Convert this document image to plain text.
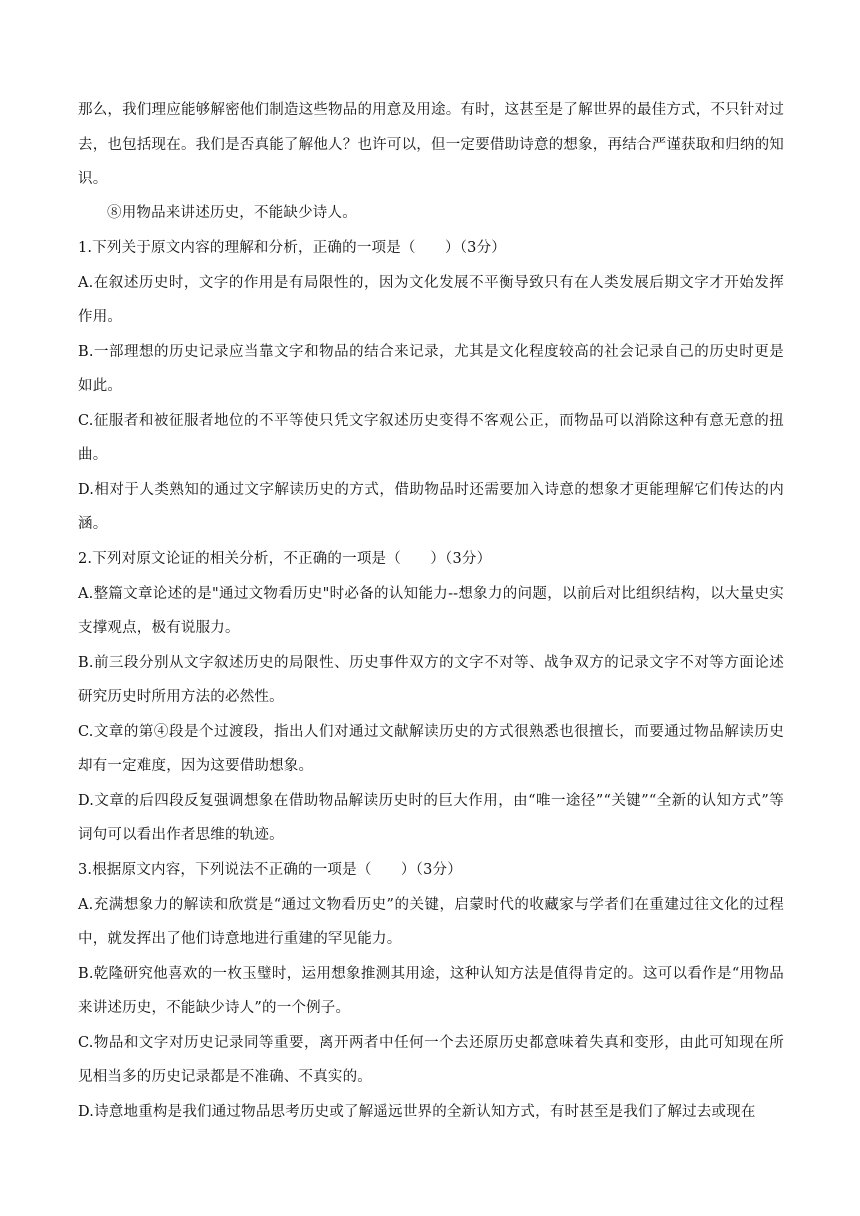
那么，我们理应能够解密他们制造这些物品的用意及用途。有时，这甚至是了解世界的最佳方式，不只针对过去，也包括现在。我们是否真能了解他人？也许可以，但一定要借助诗意的想象，再结合严谨获取和归纳的知识。

⑧用物品来讲述历史，不能缺少诗人。

1.下列关于原文内容的理解和分析，正确的一项是（　　）（3分）

A.在叙述历史时，文字的作用是有局限性的，因为文化发展不平衡导致只有在人类发展后期文字才开始发挥作用。

B.一部理想的历史记录应当靠文字和物品的结合来记录，尤其是文化程度较高的社会记录自己的历史时更是如此。

C.征服者和被征服者地位的不平等使只凭文字叙述历史变得不客观公正，而物品可以消除这种有意无意的扭曲。

D.相对于人类熟知的通过文字解读历史的方式，借助物品时还需要加入诗意的想象才更能理解它们传达的内涵。

2.下列对原文论证的相关分析，不正确的一项是（　　）（3分）

A.整篇文章论述的是"通过文物看历史"时必备的认知能力--想象力的问题，以前后对比组织结构，以大量史实支撑观点，极有说服力。

B.前三段分别从文字叙述历史的局限性、历史事件双方的文字不对等、战争双方的记录文字不对等方面论述研究历史时所用方法的必然性。

C.文章的第④段是个过渡段，指出人们对通过文献解读历史的方式很熟悉也很擅长，而要通过物品解读历史却有一定难度，因为这要借助想象。

D.文章的后四段反复强调想象在借助物品解读历史时的巨大作用，由“唯一途径”“关键”“全新的认知方式”等词句可以看出作者思维的轨迹。

3.根据原文内容，下列说法不正确的一项是（　　）（3分）

A.充满想象力的解读和欣赏是“通过文物看历史”的关键，启蒙时代的收藏家与学者们在重建过往文化的过程中，就发挥出了他们诗意地进行重建的罕见能力。

B.乾隆研究他喜欢的一枚玉璧时，运用想象推测其用途，这种认知方法是值得肯定的。这可以看作是“用物品来讲述历史，不能缺少诗人”的一个例子。

C.物品和文字对历史记录同等重要，离开两者中任何一个去还原历史都意味着失真和变形，由此可知现在所见相当多的历史记录都是不准确、不真实的。

D.诗意地重构是我们通过物品思考历史或了解遥远世界的全新认知方式，有时甚至是我们了解过去或现在
